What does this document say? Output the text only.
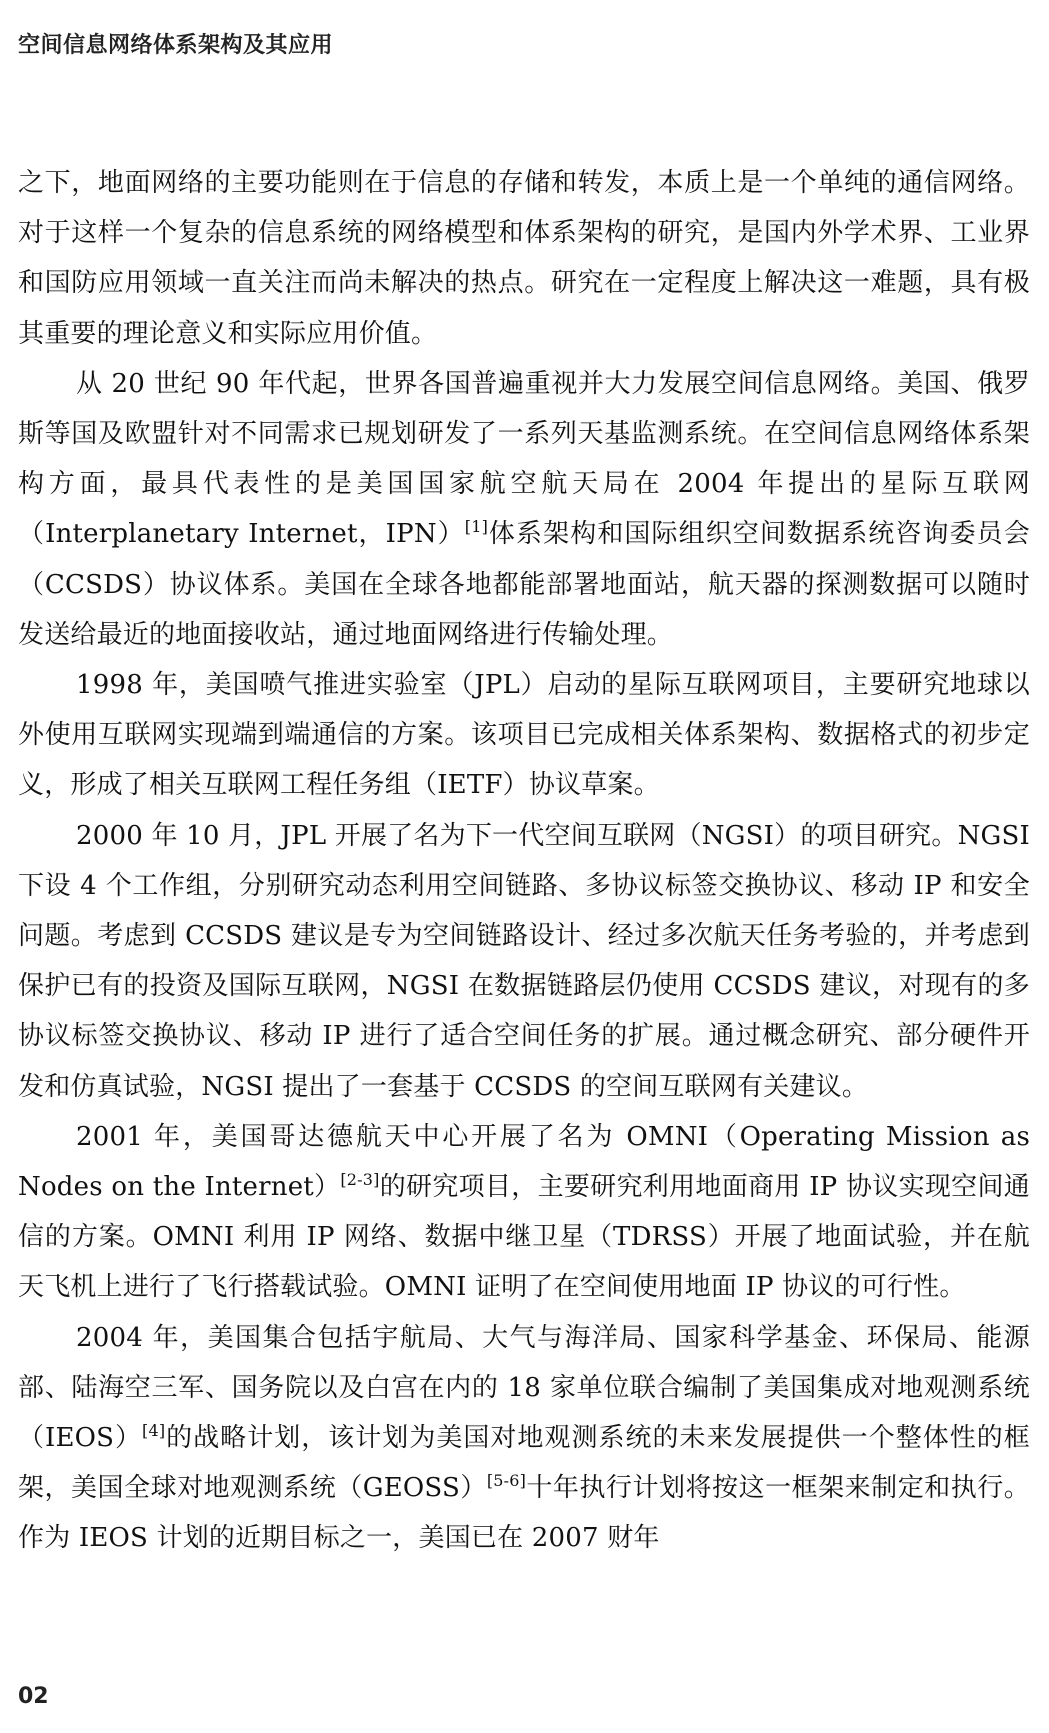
空间信息网络体系架构及其应用

之下，地面网络的主要功能则在于信息的存储和转发，本质上是一个单纯的通信网络。对于这样一个复杂的信息系统的网络模型和体系架构的研究，是国内外学术界、工业界和国防应用领域一直关注而尚未解决的热点。研究在一定程度上解决这一难题，具有极其重要的理论意义和实际应用价值。

从 20 世纪 90 年代起，世界各国普遍重视并大力发展空间信息网络。美国、俄罗斯等国及欧盟针对不同需求已规划研发了一系列天基监测系统。在空间信息网络体系架构方面，最具代表性的是美国国家航空航天局在 2004 年提出的星际互联网（Interplanetary Internet，IPN）[1]体系架构和国际组织空间数据系统咨询委员会（CCSDS）协议体系。美国在全球各地都能部署地面站，航天器的探测数据可以随时发送给最近的地面接收站，通过地面网络进行传输处理。

1998 年，美国喷气推进实验室（JPL）启动的星际互联网项目，主要研究地球以外使用互联网实现端到端通信的方案。该项目已完成相关体系架构、数据格式的初步定义，形成了相关互联网工程任务组（IETF）协议草案。

2000 年 10 月，JPL 开展了名为下一代空间互联网（NGSI）的项目研究。NGSI 下设 4 个工作组，分别研究动态利用空间链路、多协议标签交换协议、移动 IP 和安全问题。考虑到 CCSDS 建议是专为空间链路设计、经过多次航天任务考验的，并考虑到保护已有的投资及国际互联网，NGSI 在数据链路层仍使用 CCSDS 建议，对现有的多协议标签交换协议、移动 IP 进行了适合空间任务的扩展。通过概念研究、部分硬件开发和仿真试验，NGSI 提出了一套基于 CCSDS 的空间互联网有关建议。

2001 年，美国哥达德航天中心开展了名为 OMNI（Operating Mission as Nodes on the Internet）[2-3]的研究项目，主要研究利用地面商用 IP 协议实现空间通信的方案。OMNI 利用 IP 网络、数据中继卫星（TDRSS）开展了地面试验，并在航天飞机上进行了飞行搭载试验。OMNI 证明了在空间使用地面 IP 协议的可行性。

2004 年，美国集合包括宇航局、大气与海洋局、国家科学基金、环保局、能源部、陆海空三军、国务院以及白宫在内的 18 家单位联合编制了美国集成对地观测系统（IEOS）[4]的战略计划，该计划为美国对地观测系统的未来发展提供一个整体性的框架，美国全球对地观测系统（GEOSS）[5-6]十年执行计划将按这一框架来制定和执行。作为 IEOS 计划的近期目标之一，美国已在 2007 财年

02
